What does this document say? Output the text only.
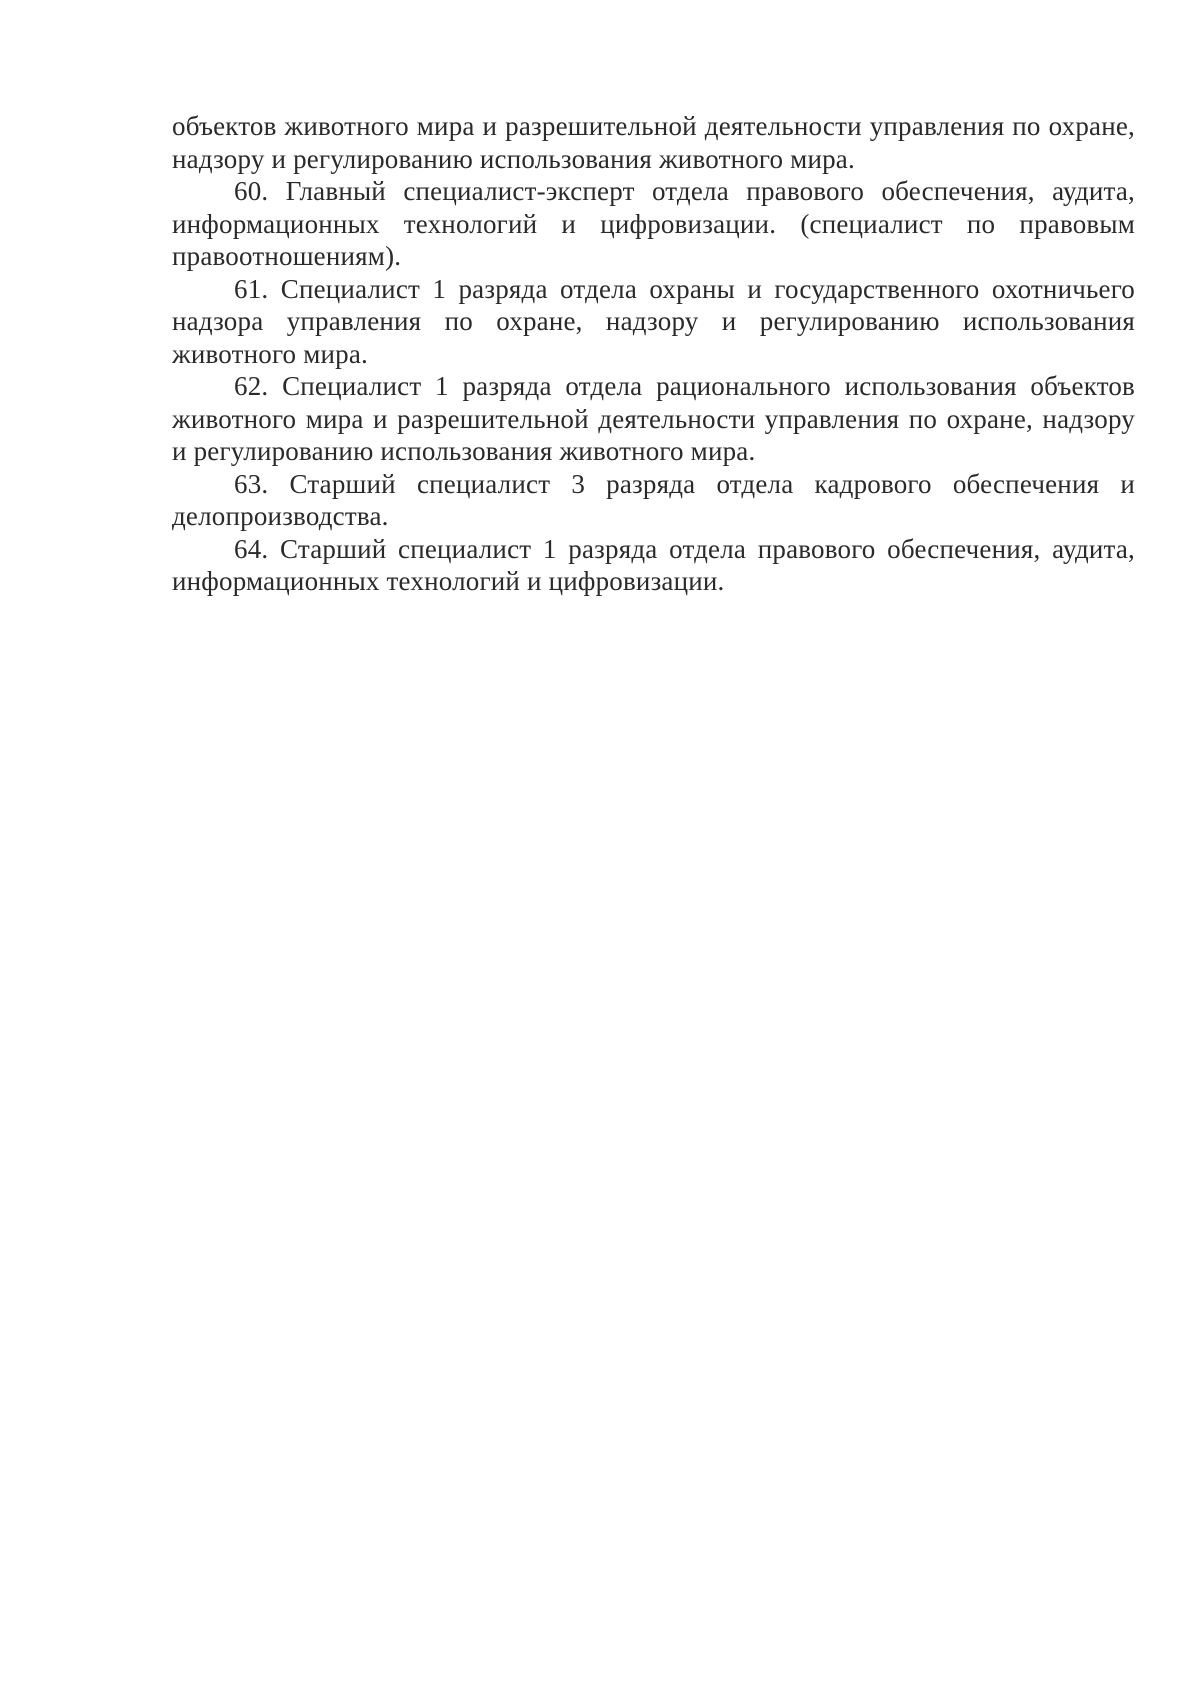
объектов животного мира и разрешительной деятельности управления по охране, надзору и регулированию использования животного мира.

60. Главный специалист-эксперт отдела правового обеспечения, аудита, информационных технологий и цифровизации. (специалист по правовым правоотношениям).

61. Специалист 1 разряда отдела охраны и государственного охотничьего надзора управления по охране, надзору и регулированию использования животного мира.

62. Специалист 1 разряда отдела рационального использования объектов животного мира и разрешительной деятельности управления по охране, надзору и регулированию использования животного мира.

63. Старший специалист 3 разряда отдела кадрового обеспечения и делопроизводства.

64. Старший специалист 1 разряда отдела правового обеспечения, аудита, информационных технологий и цифровизации.
